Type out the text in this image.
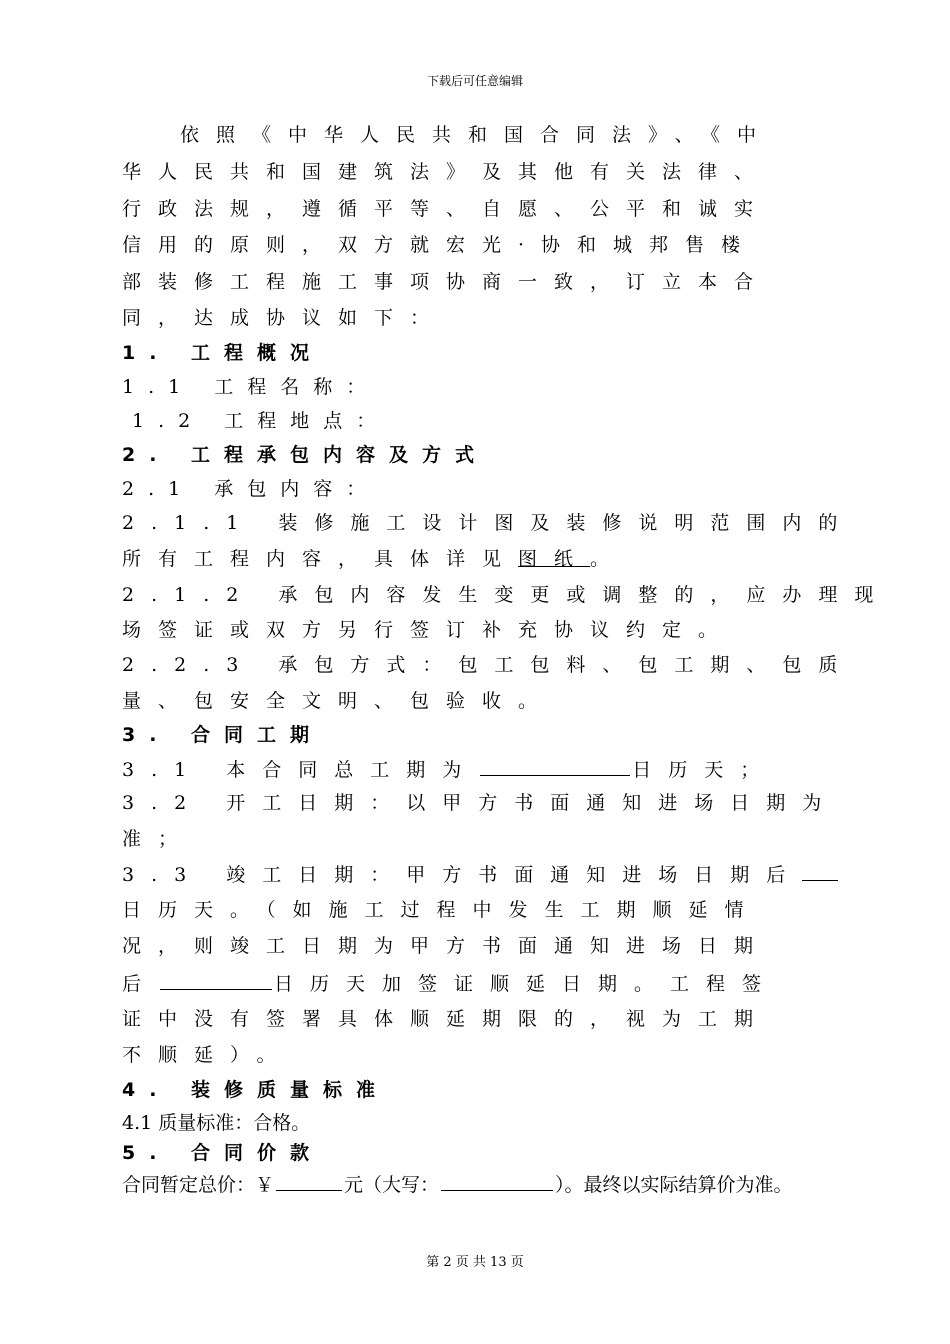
下载后可任意编辑
依照《中华人民共和国合同法》、《中
华人民共和国建筑法》及其他有关法律、
行政法规，遵循平等、自愿、公平和诚实
信用的原则，双方就宏光·协和城邦售楼
部装修工程施工事项协商一致，订立本合
同，达成协议如下：
1. 工程概况
1.1 工程名称：
1.2 工程地点：
2. 工程承包内容及方式
2.1 承包内容：
2.1.1 装修施工设计图及装修说明范围内的
所有工程内容，具体详见图纸。
2.1.2 承包内容发生变更或调整的，应办理现
场签证或双方另行签订补充协议约定。
2.2.3 承包方式：包工包料、包工期、包质
量、包安全文明、包验收。
3. 合同工期
3.1 本合同总工期为	日历天；
3.2 开工日期：以甲方书面通知进场日期为
准；
3.3 竣工日期：甲方书面通知进场日期后
日历天。（如施工过程中发生工期顺延情
况，则竣工日期为甲方书面通知进场日期
后	日历天加签证顺延日期。工程签
证中没有签署具体顺延期限的，视为工期
不顺延）。
4. 装修质量标准
4.1 质量标准：合格。
5. 合同价款
合同暂定总价：￥	元（大写：	）。最终以实际结算价为准。
第 2 页 共 13 页
